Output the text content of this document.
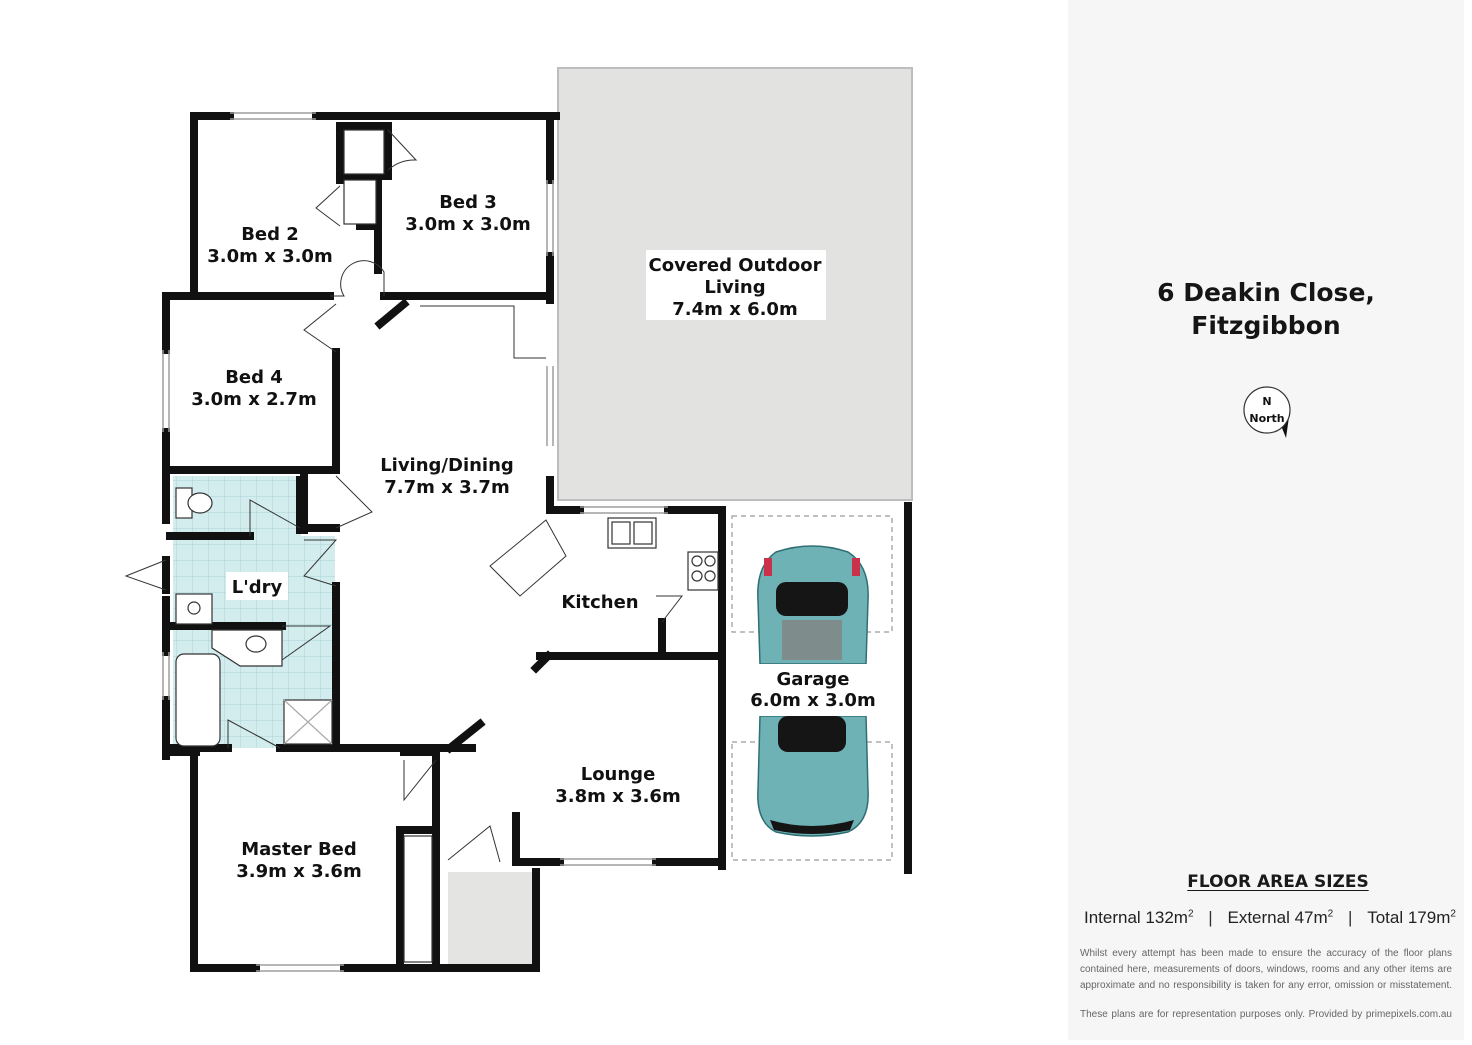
Bed 2
3.0m x 3.0m
Bed 3
3.0m x 3.0m
Covered Outdoor
Living
7.4m x 6.0m
Bed 4
3.0m x 2.7m
Living/Dining
7.7m x 3.7m
L'dry
Kitchen
Garage
6.0m x 3.0m
Lounge
3.8m x 3.6m
Master Bed
3.9m x 3.6m
6 Deakin Close,
Fitzgibbon
N
North
FLOOR AREA SIZES
Internal $132m^2$ | External $47m^2$ | Total $179m^2$
Whilst every attempt has been made to ensure the accuracy of the floor plans contained here, measurements of doors, windows, rooms and any other items are approximate and no responsibility is taken for any error, omission or misstatement.
These plans are for representation purposes only. Provided by primepixels.com.au
